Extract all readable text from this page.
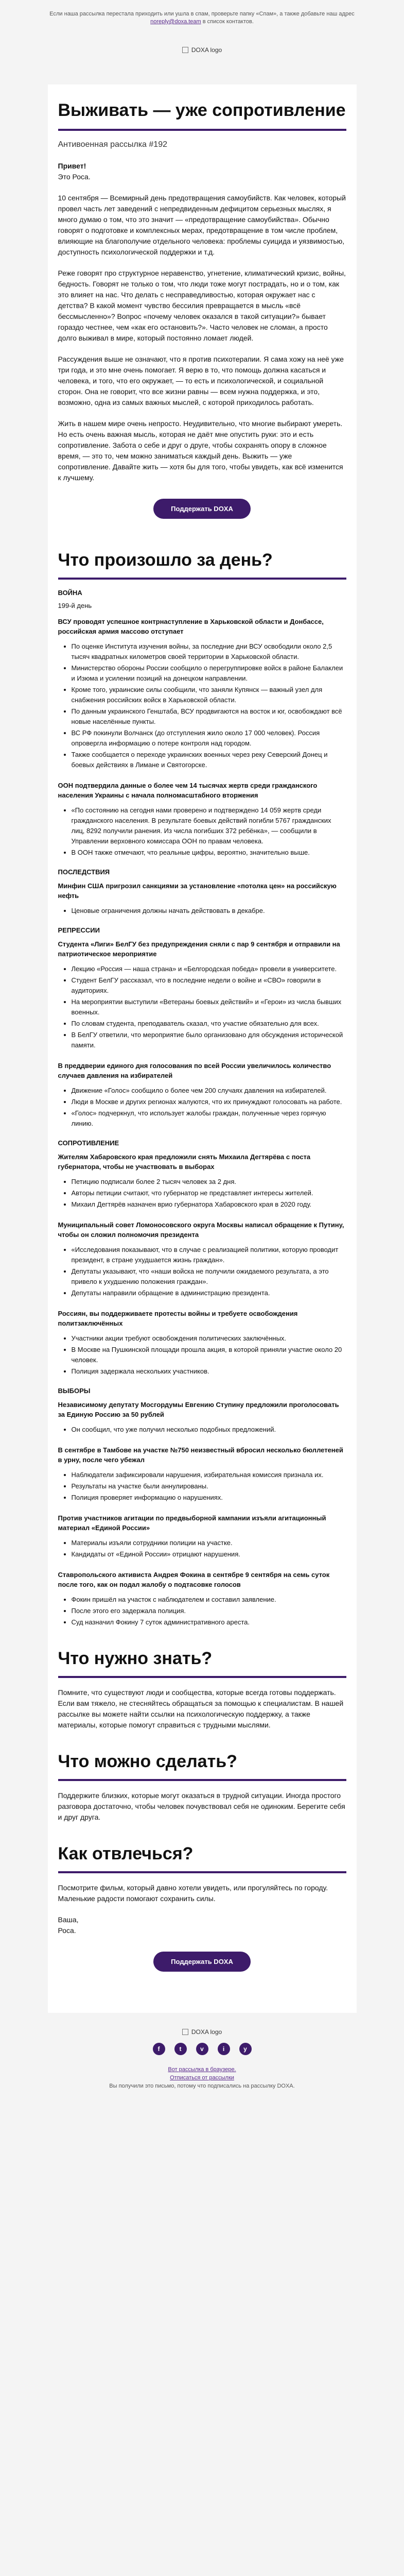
Если наша рассылка перестала приходить или ушла в спам, проверьте папку «Спам», а также добавьте наш адрес noreply@doxa.team в список контактов.
DOXA logo
Выживать — уже сопротивление
Антивоенная рассылка #192

Привет!
Это Роса.

10 сентября — Всемирный день предотвращения самоубийств. Как человек, который провел часть лет заведений с непредвиденным дефицитом серьезных мыслях, я много думаю о том, что это значит — «предотвращение самоубийства». Обычно говорят о подготовке и комплексных мерах, предотвращение в том числе проблем, влияющие на благополучие отдельного человека: проблемы суицида и уязвимостью, доступность психологической поддержки и т.д.

Реже говорят про структурное неравенство, угнетение, климатический кризис, войны, бедность. Говорят не только о том, что люди тоже могут пострадать, но и о том, как это влияет на нас. Что делать с несправедливостью, которая окружает нас с детства? В какой момент чувство бессилия превращается в мысль «всё бессмысленно»? Вопрос «почему человек оказался в такой ситуации?» бывает гораздо честнее, чем «как его остановить?». Часто человек не сломан, а просто долго выживал в мире, который постоянно ломает людей.

Рассуждения выше не означают, что я против психотерапии. Я сама хожу на неё уже три года, и это мне очень помогает. Я верю в то, что помощь должна касаться и человека, и того, что его окружает, — то есть и психологической, и социальной сторон. Она не говорит, что все жизни равны — всем нужна поддержка, и это, возможно, одна из самых важных мыслей, с которой приходилось работать.

Жить в нашем мире очень непросто. Неудивительно, что многие выбирают умереть. Но есть очень важная мысль, которая не даёт мне опустить руки: это и есть сопротивление. Забота о себе и друг о друге, чтобы сохранять опору в сложное время, — это то, чем можно заниматься каждый день. Выжить — уже сопротивление. Давайте жить — хотя бы для того, чтобы увидеть, как всё изменится к лучшему.

Поддержать DOXA
Что произошло за день?
ВОЙНА
199-й день
ВСУ проводят успешное контрнаступление в Харьковской области и Донбассе, российская армия массово отступает
• По оценке Института изучения войны, за последние дни ВСУ освободили около 2,5 тысяч квадратных километров своей территории в Харьковской области.
• Министерство обороны России сообщило о перегруппировке войск в районе Балаклеи и Изюма и усилении позиций на донецком направлении.
• Кроме того, украинские силы сообщили, что заняли Купянск — важный узел для снабжения российских войск в Харьковской области.
• По данным украинского Генштаба, ВСУ продвигаются на восток и юг, освобождают всё новые населённые пункты.
• ВС РФ покинули Волчанск (до отступления жило около 17 000 человек). Россия опровергла информацию о потере контроля над городом.
• Также сообщается о переходе украинских военных через реку Северский Донец и боевых действиях в Лимане и Святогорске.
ООН подтвердила данные о более чем 14 тысячах жертв среди гражданского населения Украины с начала полномасштабного вторжения
• «По состоянию на сегодня нами проверено и подтверждено 14 059 жертв среди гражданского населения. В результате боевых действий погибли 5767 гражданских лиц, 8292 получили ранения. Из числа погибших 372 ребёнка», — сообщили в Управлении верховного комиссара ООН по правам человека.
• В ООН также отмечают, что реальные цифры, вероятно, значительно выше.
ПОСЛЕДСТВИЯ
Минфин США пригрозил санкциями за установление «потолка цен» на российскую нефть
• Ценовые ограничения должны начать действовать в декабре.
РЕПРЕССИИ
Студента «Лиги» БелГУ без предупреждения сняли с пар 9 сентября и отправили на патриотическое мероприятие
• Лекцию «Россия — наша страна» и «Белгородская победа» провели в университете.
• Студент БелГУ рассказал, что в последние недели о войне и «СВО» говорили в аудиториях.
• На мероприятии выступили «Ветераны боевых действий» и «Герои» из числа бывших военных.
• По словам студента, преподаватель сказал, что участие обязательно для всех.
• В БелГУ ответили, что мероприятие было организовано для обсуждения исторической памяти.
В преддверии единого дня голосования по всей России увеличилось количество случаев давления на избирателей
• Движение «Голос» сообщило о более чем 200 случаях давления на избирателей.
• Люди в Москве и других регионах жалуются, что их принуждают голосовать на работе.
• «Голос» подчеркнул, что использует жалобы граждан, полученные через горячую линию.
СОПРОТИВЛЕНИЕ
Жителям Хабаровского края предложили снять Михаила Дегтярёва с поста губернатора, чтобы не участвовать в выборах
• Петицию подписали более 2 тысяч человек за 2 дня.
• Авторы петиции считают, что губернатор не представляет интересы жителей.
• Михаил Дегтярёв назначен врио губернатора Хабаровского края в 2020 году.
Муниципальный совет Ломоносовского округа Москвы написал обращение к Путину, чтобы он сложил полномочия президента
• «Исследования показывают, что в случае с реализацией политики, которую проводит президент, в стране ухудшается жизнь граждан».
• Депутаты указывают, что «наши войска не получили ожидаемого результата, а это привело к ухудшению положения граждан».
• Депутаты направили обращение в администрацию президента.
Россиян, вы поддерживаете протесты войны и требуете освобождения политзаключённых
• Участники акции требуют освобождения политических заключённых.
• В Москве на Пушкинской площади прошла акция, в которой приняли участие около 20 человек.
• Полиция задержала нескольких участников.
ВЫБОРЫ
Независимому депутату Мосгордумы Евгению Ступину предложили проголосовать за Единую Россию за 50 рублей
• Он сообщил, что уже получил несколько подобных предложений.
В сентябре в Тамбове на участке №750 неизвестный вбросил несколько бюллетеней в урну, после чего убежал
• Наблюдатели зафиксировали нарушения, избирательная комиссия признала их.
• Результаты на участке были аннулированы.
• Полиция проверяет информацию о нарушениях.
Против участников агитации по предвыборной кампании изъяли агитационный материал «Единой России»
• Материалы изъяли сотрудники полиции на участке.
• Кандидаты от «Единой России» отрицают нарушения.
Ставропольского активиста Андрея Фокина в сентябре 9 сентября на семь суток после того, как он подал жалобу о подтасовке голосов
• Фокин пришёл на участок с наблюдателем и составил заявление.
• После этого его задержала полиция.
• Суд назначил Фокину 7 суток административного ареста.
Что нужно знать?

Помните, что существуют люди и сообщества, которые всегда готовы поддержать. Если вам тяжело, не стесняйтесь обращаться за помощью к специалистам. В нашей рассылке вы можете найти ссылки на психологическую поддержку, а также материалы, которые помогут справиться с трудными мыслями.

Что можно сделать?

Поддержите близких, которые могут оказаться в трудной ситуации. Иногда простого разговора достаточно, чтобы человек почувствовал себя не одиноким. Берегите себя и друг друга.

Как отвлечься?

Посмотрите фильм, который давно хотели увидеть, или прогуляйтесь по городу. Маленькие радости помогают сохранить силы.

Ваша,
Роса.

Поддержать DOXA
DOXA logo
f	t	v	i	y
Вот рассылка в браузере.
Отписаться от рассылки
Вы получили это письмо, потому что подписались на рассылку DOXA.
